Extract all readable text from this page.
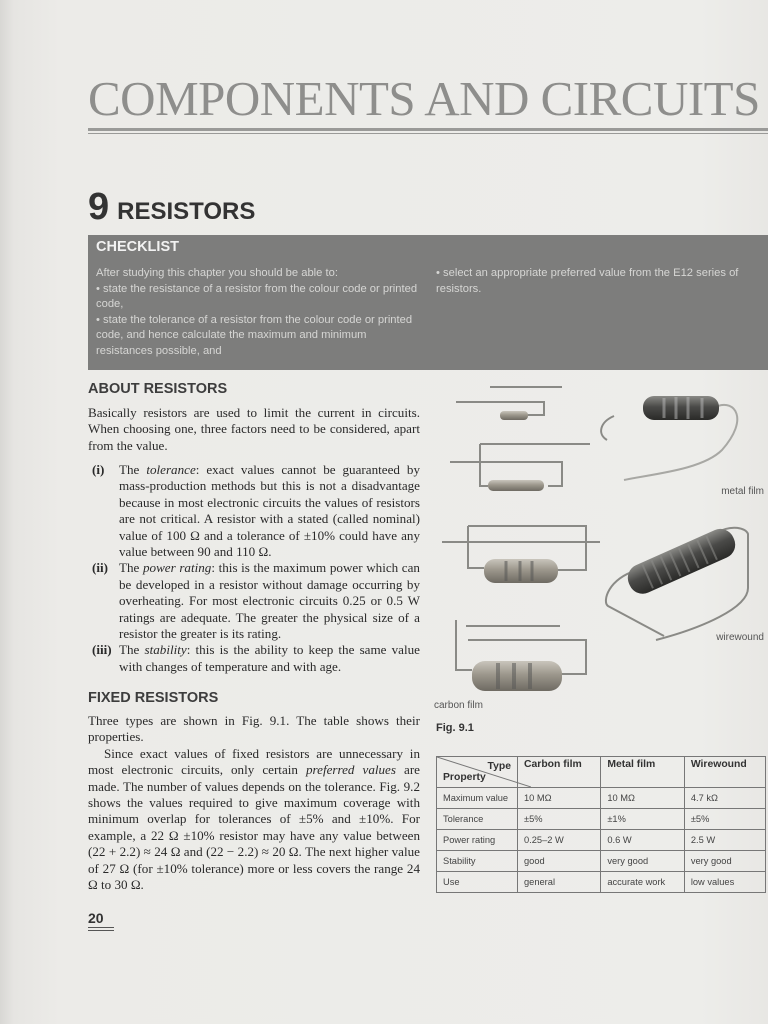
COMPONENTS AND CIRCUITS
9 RESISTORS
CHECKLIST
After studying this chapter you should be able to:
• state the resistance of a resistor from the colour code or printed code,
• state the tolerance of a resistor from the colour code or printed code, and hence calculate the maximum and minimum resistances possible, and
• select an appropriate preferred value from the E12 series of resistors.
ABOUT RESISTORS
Basically resistors are used to limit the current in circuits. When choosing one, three factors need to be considered, apart from the value.
(i)	The tolerance: exact values cannot be guaranteed by mass-production methods but this is not a disadvantage because in most electronic circuits the values of resistors are not critical. A resistor with a stated (called nominal) value of 100 Ω and a tolerance of ±10% could have any value between 90 and 110 Ω.
(ii) The power rating: this is the maximum power which can be developed in a resistor without damage occurring by overheating. For most electronic circuits 0.25 or 0.5 W ratings are adequate. The greater the physical size of a resistor the greater is its rating.
(iii) The stability: this is the ability to keep the same value with changes of temperature and with age.
FIXED RESISTORS
Three types are shown in Fig. 9.1. The table shows their properties.
Since exact values of fixed resistors are unnecessary in most electronic circuits, only certain preferred values are made. The number of values depends on the tolerance. Fig. 9.2 shows the values required to give maximum coverage with minimum overlap for tolerances of ±5% and ±10%. For example, a 22 Ω ±10% resistor may have any value between (22 + 2.2) ≈ 24 Ω and (22 − 2.2) ≈ 20 Ω. The next higher value of 27 Ω (for ±10% tolerance) more or less covers the range 24 Ω to 30 Ω.
metal film
wirewound
carbon film
Fig. 9.1
Type
Property	Carbon film	Metal film	Wirewound
Maximum value	10 MΩ	10 MΩ	4.7 kΩ
Tolerance	±5%	±1%	±5%
Power rating	0.25–2 W	0.6 W	2.5 W
Stability	good	very good	very good
Use	general	accurate work	low values
20
